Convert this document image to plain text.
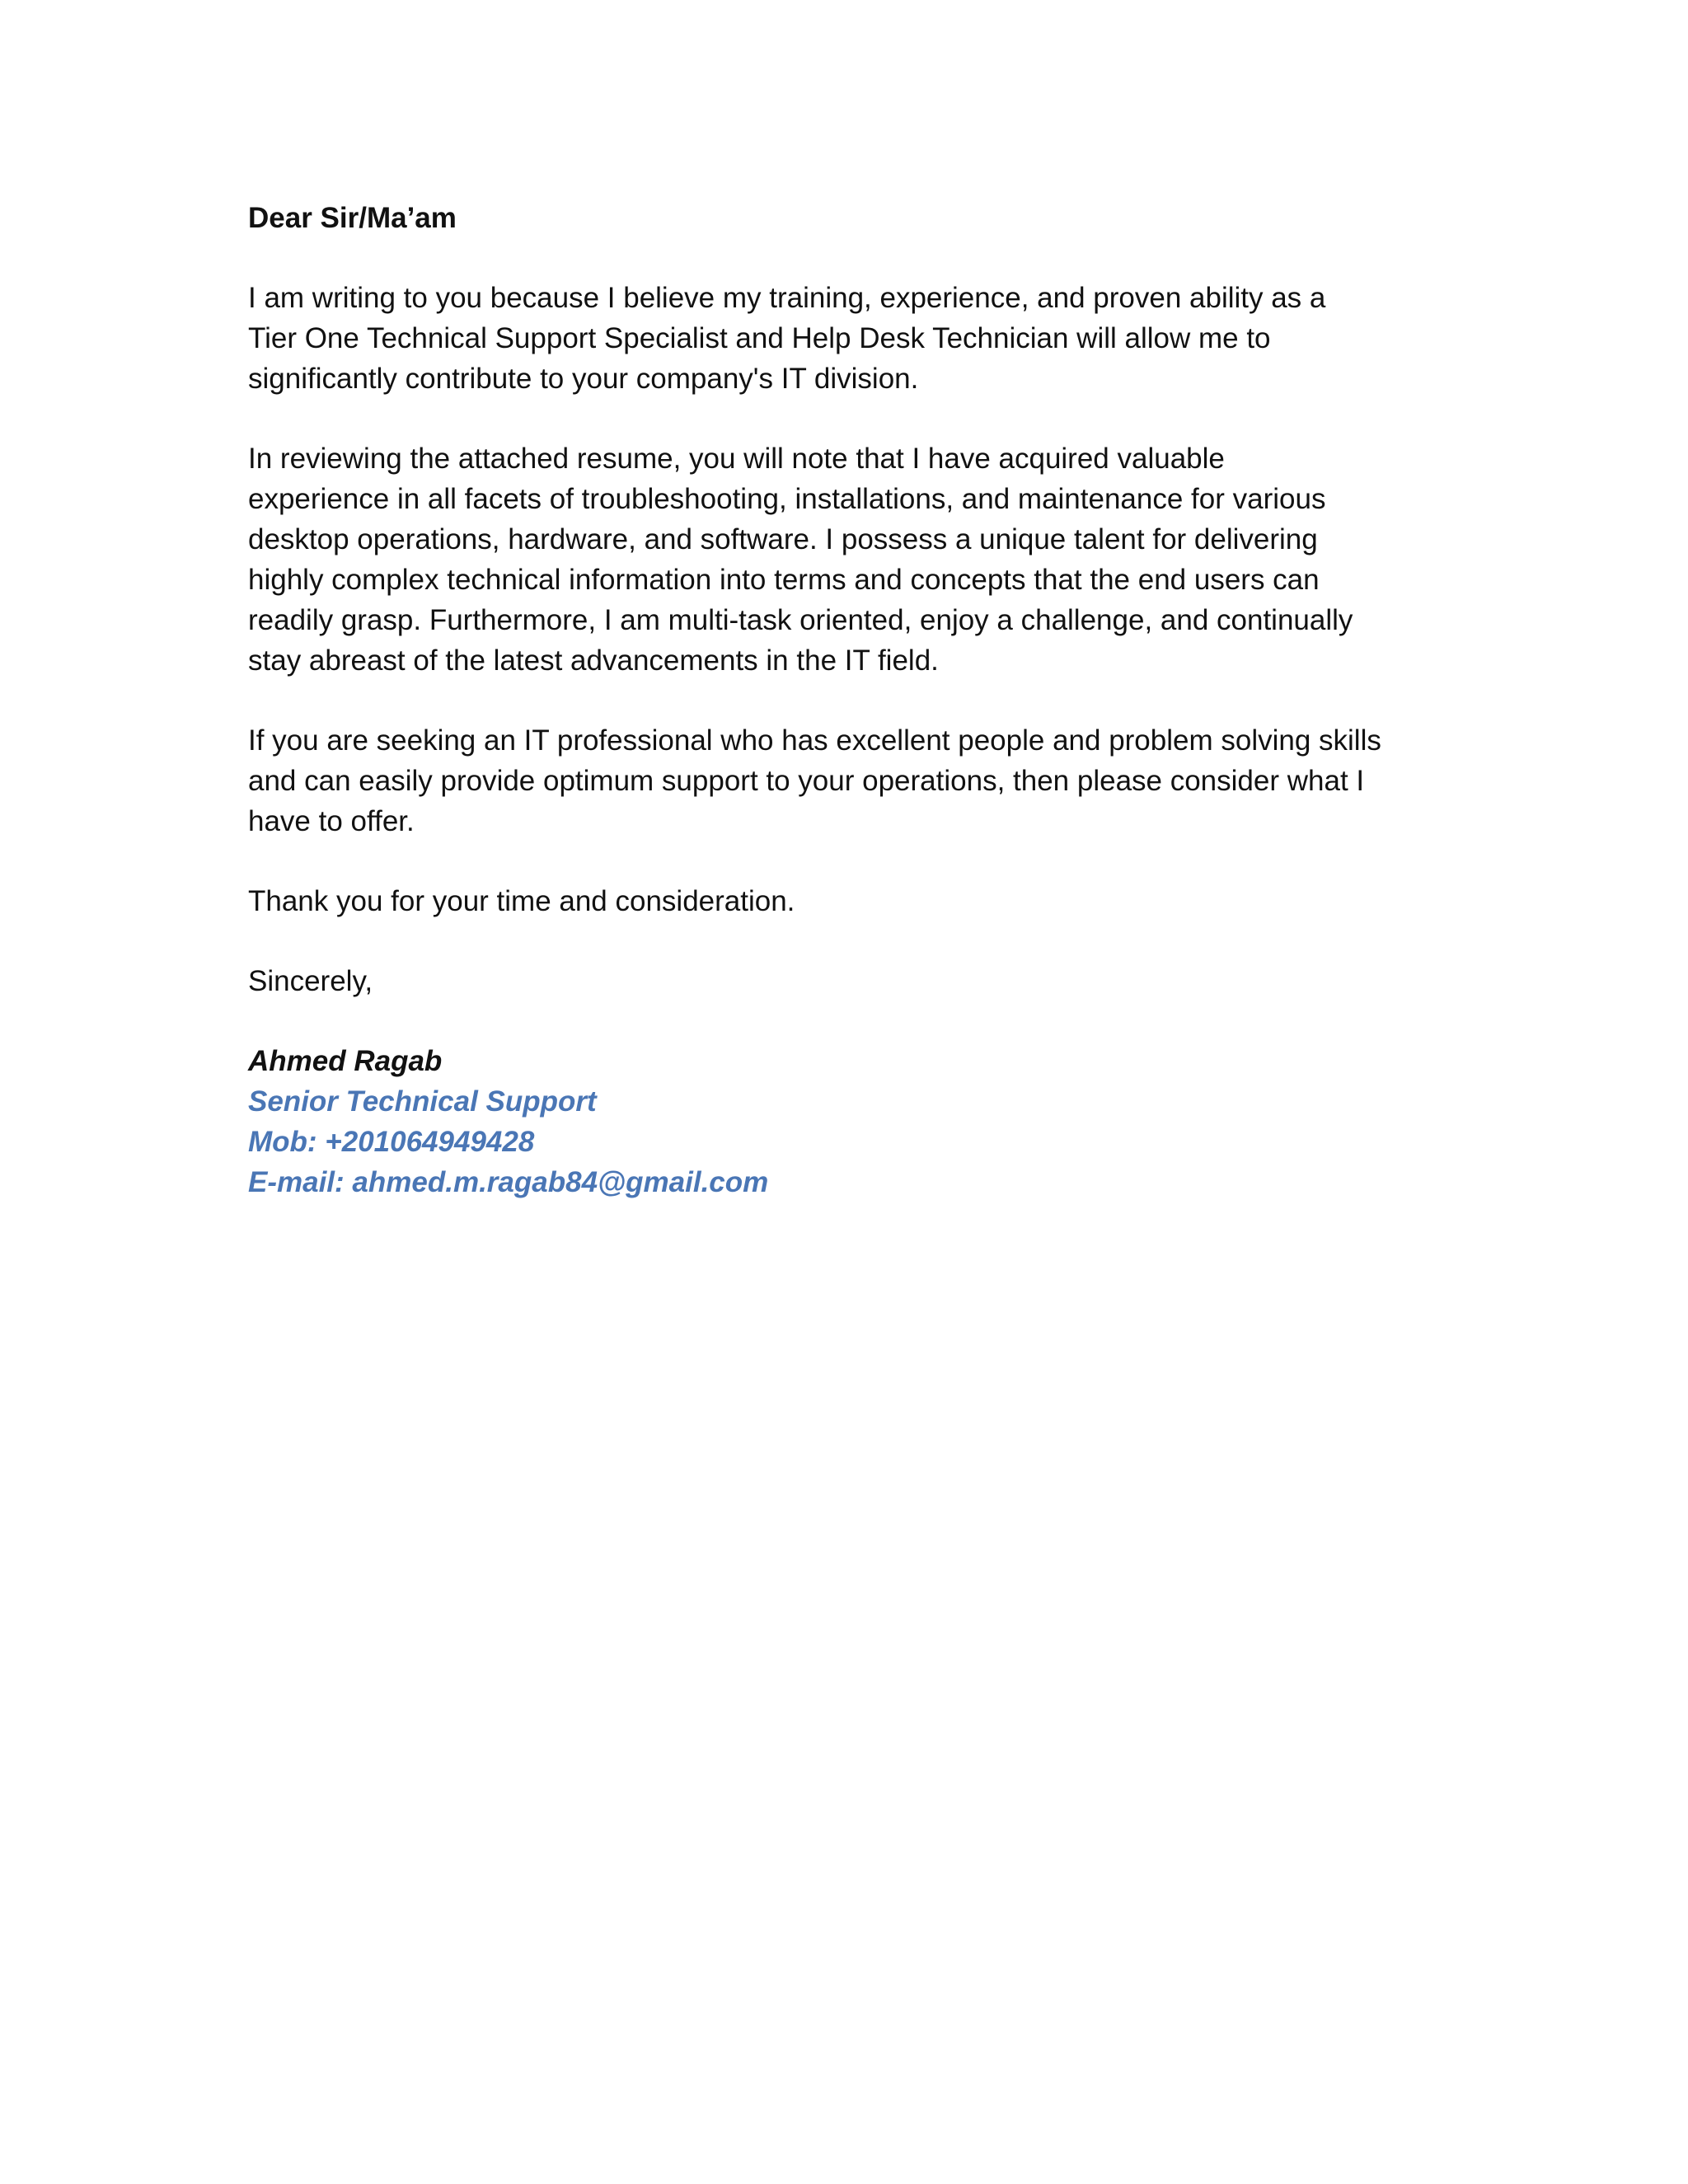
Dear Sir/Ma’am
I am writing to you because I believe my training, experience, and proven ability as a
Tier One Technical Support Specialist and Help Desk Technician will allow me to
significantly contribute to your company's IT division.
In reviewing the attached resume, you will note that I have acquired valuable
experience in all facets of troubleshooting, installations, and maintenance for various
desktop operations, hardware, and software. I possess a unique talent for delivering
highly complex technical information into terms and concepts that the end users can
readily grasp. Furthermore, I am multi-task oriented, enjoy a challenge, and continually
stay abreast of the latest advancements in the IT field.
If you are seeking an IT professional who has excellent people and problem solving skills
and can easily provide optimum support to your operations, then please consider what I
have to offer.
Thank you for your time and consideration.
Sincerely,
Ahmed Ragab
Senior Technical Support
Mob: +201064949428
E-mail: ahmed.m.ragab84@gmail.com
